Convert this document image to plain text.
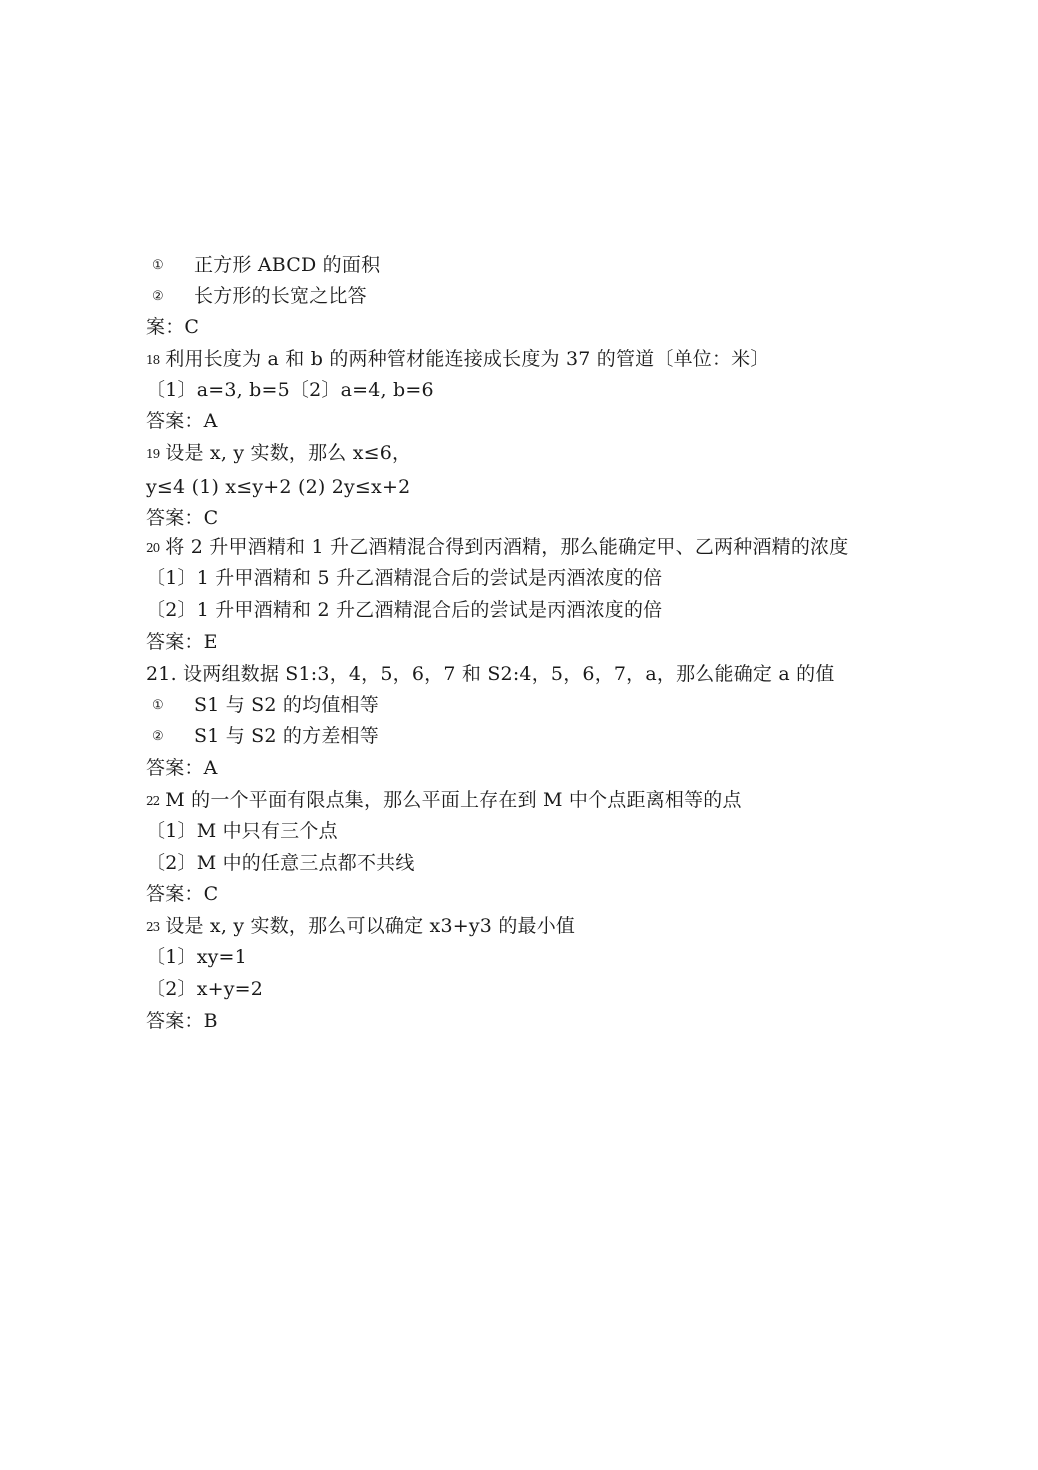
① 正方形 ABCD 的面积
② 长方形的长宽之比答
案：C
18 利用长度为 a 和 b 的两种管材能连接成长度为 37 的管道〔单位：米〕
〔1〕a=3, b=5〔2〕a=4, b=6
答案：A
19 设是 x, y 实数，那么 x≤6，
y≤4 (1) x≤y+2 (2) 2y≤x+2
答案：C
20 将 2 升甲酒精和 1 升乙酒精混合得到丙酒精，那么能确定甲、乙两种酒精的浓度
〔1〕1 升甲酒精和 5 升乙酒精混合后的尝试是丙酒浓度的倍
〔2〕1 升甲酒精和 2 升乙酒精混合后的尝试是丙酒浓度的倍
答案：E
21. 设两组数据 S1:3，4，5，6，7 和 S2:4，5，6，7，a，那么能确定 a 的值
① S1 与 S2 的均值相等
② S1 与 S2 的方差相等
答案：A
22 M 的一个平面有限点集，那么平面上存在到 M 中个点距离相等的点
〔1〕M 中只有三个点
〔2〕M 中的任意三点都不共线
答案：C
23 设是 x, y 实数，那么可以确定 x3+y3 的最小值
〔1〕xy=1
〔2〕x+y=2
答案：B
